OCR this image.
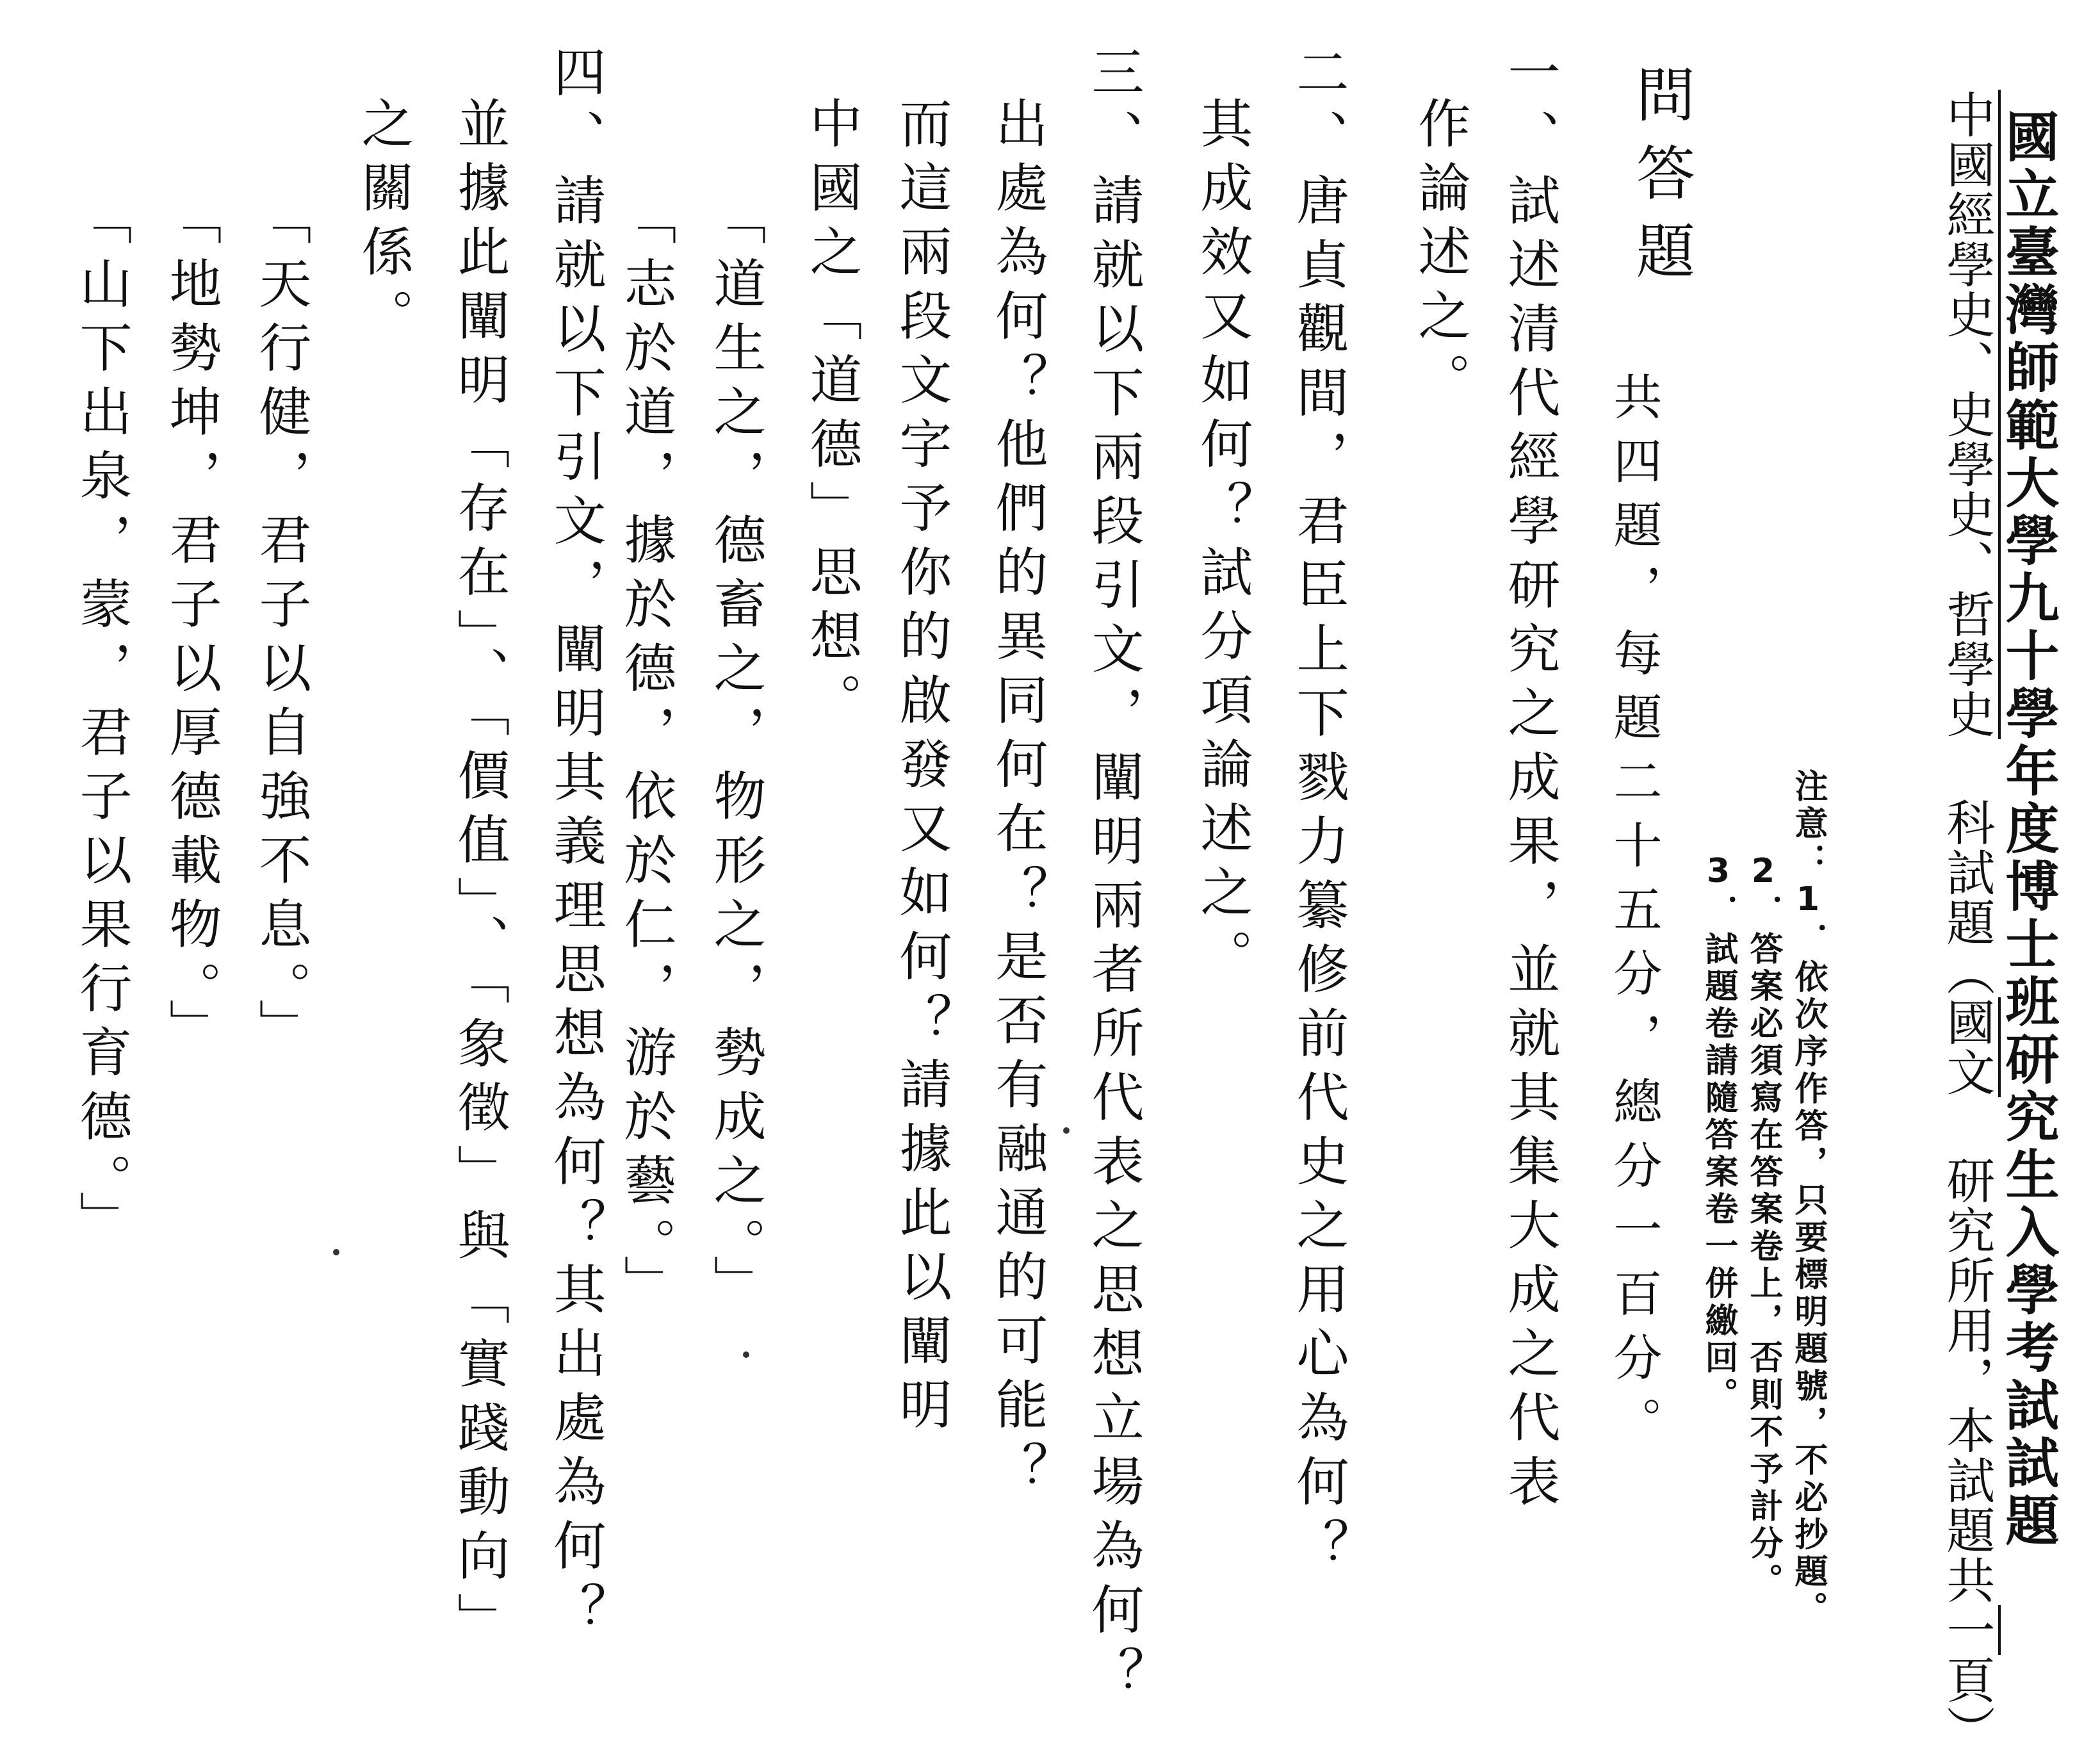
國立臺灣師範大學九十學年度博士班研究生入學考試試題
中國經學史、史學史、哲學史 科試題（國文 研究所用，本試題共一頁）
注意：1．依次序作答，只要標明題號，不必抄題。
2．答案必須寫在答案卷上，否則不予計分。
3．試題卷請隨答案卷一併繳回。
問答題
共四題，每題二十五分，總分一百分。
一、試述清代經學研究之成果，並就其集大成之代表
作論述之。
二、唐貞觀間，君臣上下戮力纂修前代史之用心為何？
其成效又如何？試分項論述之。
三、請就以下兩段引文，闡明兩者所代表之思想立場為何？
出處為何？他們的異同何在？是否有融通的可能？
而這兩段文字予你的啟發又如何？請據此以闡明
中國之「道德」思想。
「道生之，德畜之，物形之，勢成之。」
「志於道，據於德，依於仁，游於藝。」
四、請就以下引文，闡明其義理思想為何？其出處為何？
並據此闡明「存在」、「價值」、「象徵」與「實踐動向」
之關係。
「天行健，君子以自強不息。」
「地勢坤，君子以厚德載物。」
「山下出泉，蒙，君子以果行育德。」
